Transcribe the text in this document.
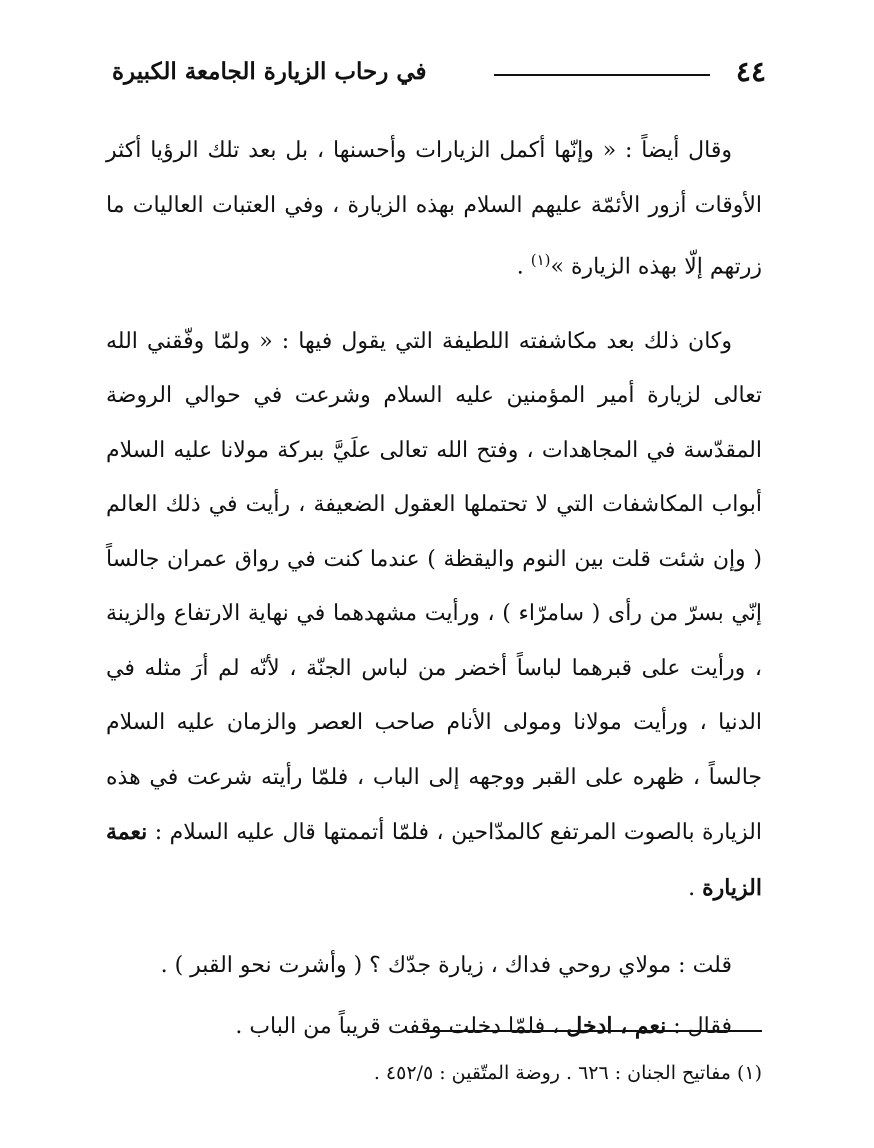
٤٤
في رحاب الزيارة الجامعة الكبيرة

وقال أيضاً : « وإنّها أكمل الزيارات وأحسنها ، بل بعد تلك الرؤيا أكثر الأوقات أزور الأئمّة عليهم السلام بهذه الزيارة ، وفي العتبات العاليات ما زرتهم إلّا بهذه الزيارة »$^{(١)}$ .

وكان ذلك بعد مكاشفته اللطيفة التي يقول فيها : « ولمّا وفّقني الله تعالى لزيارة أمير المؤمنين عليه السلام وشرعت في حوالي الروضة المقدّسة في المجاهدات ، وفتح الله تعالى علَيَّ ببركة مولانا عليه السلام أبواب المكاشفات التي لا تحتملها العقول الضعيفة ، رأيت في ذلك العالم ( وإن شئت قلت بين النوم واليقظة ) عندما كنت في رواق عمران جالساً إنّي بسرّ من رأى ( سامرّاء ) ، ورأيت مشهدهما في نهاية الارتفاع والزينة ، ورأيت على قبرهما لباساً أخضر من لباس الجنّة ، لأنّه لم أرَ مثله في الدنيا ، ورأيت مولانا ومولى الأنام صاحب العصر والزمان عليه السلام جالساً ، ظهره على القبر ووجهه إلى الباب ، فلمّا رأيته شرعت في هذه الزيارة بالصوت المرتفع كالمدّاحين ، فلمّا أتممتها قال عليه السلام : نعمة الزيارة .

قلت : مولاي روحي فداك ، زيارة جدّك ؟ ( وأشرت نحو القبر ) .

فقال : نعم ، ادخل ، فلمّا دخلت وقفت قريباً من الباب .

(١) مفاتيح الجنان : ٦٢٦ . روضة المتّقين : ٤٥٢/٥ .
